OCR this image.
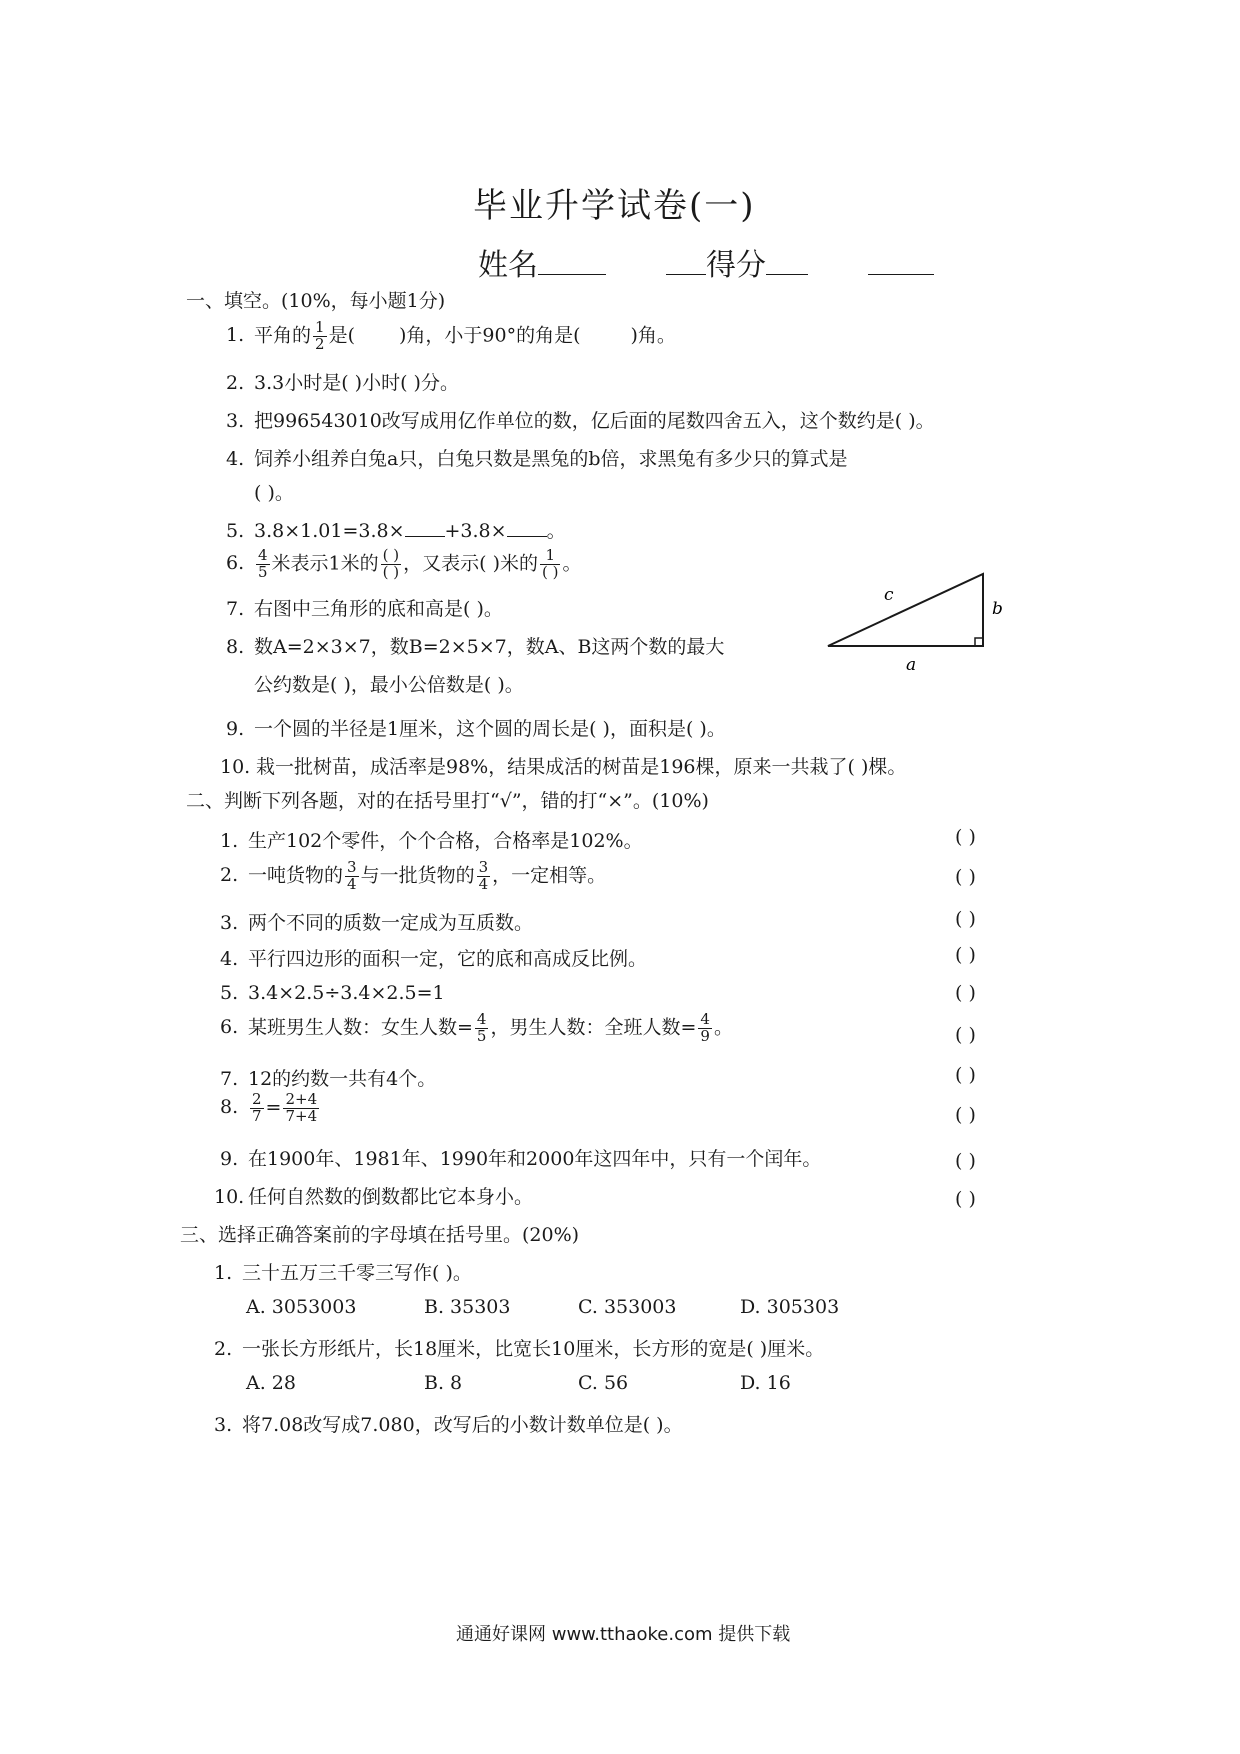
毕业升学试卷(一)
姓名	得分
一、填空。(10%，每小题1分)
1. 平角的 $\frac{1}{2}$ 是( )角，小于90°的角是(	)角。
2. 3.3小时是( )小时( )分。
3. 把996543010改写成用亿作单位的数，亿后面的尾数四舍五入，这个数约是( )。
4. 饲养小组养白兔a只，白兔只数是黑兔的b倍，求黑兔有多少只的算式是
( )。
5. 3.8×1.01=3.8× +3.8× 。
6. $\frac{4}{5}$ 米表示1米的 $\frac{( )}{( )}$ ，又表示( )米的 $\frac{1}{( )}$ 。
7. 右图中三角形的底和高是( )。
8. 数A=2×3×7，数B=2×5×7，数A、B这两个数的最大
公约数是( )，最小公倍数是( )。
c
b
a
9. 一个圆的半径是1厘米，这个圆的周长是( )，面积是( )。
10. 栽一批树苗，成活率是98%，结果成活的树苗是196棵，原来一共栽了( )棵。
二、判断下列各题，对的在括号里打“√”，错的打“×”。(10%)
1. 生产102个零件，个个合格，合格率是102%。	( )
2. 一吨货物的 $\frac{3}{4}$ 与一批货物的 $\frac{3}{4}$ ，一定相等。	( )
3. 两个不同的质数一定成为互质数。	( )
4. 平行四边形的面积一定，它的底和高成反比例。	( )
5. 3.4×2.5÷3.4×2.5=1	( )
6. 某班男生人数：女生人数= $\frac{4}{5}$ ，男生人数：全班人数= $\frac{4}{9}$ 。	( )
7. 12的约数一共有4个。	( )
8. $\frac{2}{7} = \frac{2+4}{7+4}$	( )
9. 在1900年、1981年、1990年和2000年这四年中，只有一个闰年。	( )
10. 任何自然数的倒数都比它本身小。	( )
三、选择正确答案前的字母填在括号里。(20%)
1. 三十五万三千零三写作( )。
A. 3053003	B. 35303	C. 353003	D. 305303
2. 一张长方形纸片，长18厘米，比宽长10厘米，长方形的宽是( )厘米。
A. 28	B. 8	C. 56	D. 16
3. 将7.08改写成7.080，改写后的小数计数单位是( )。
通通好课网 www.tthaoke.com 提供下载
